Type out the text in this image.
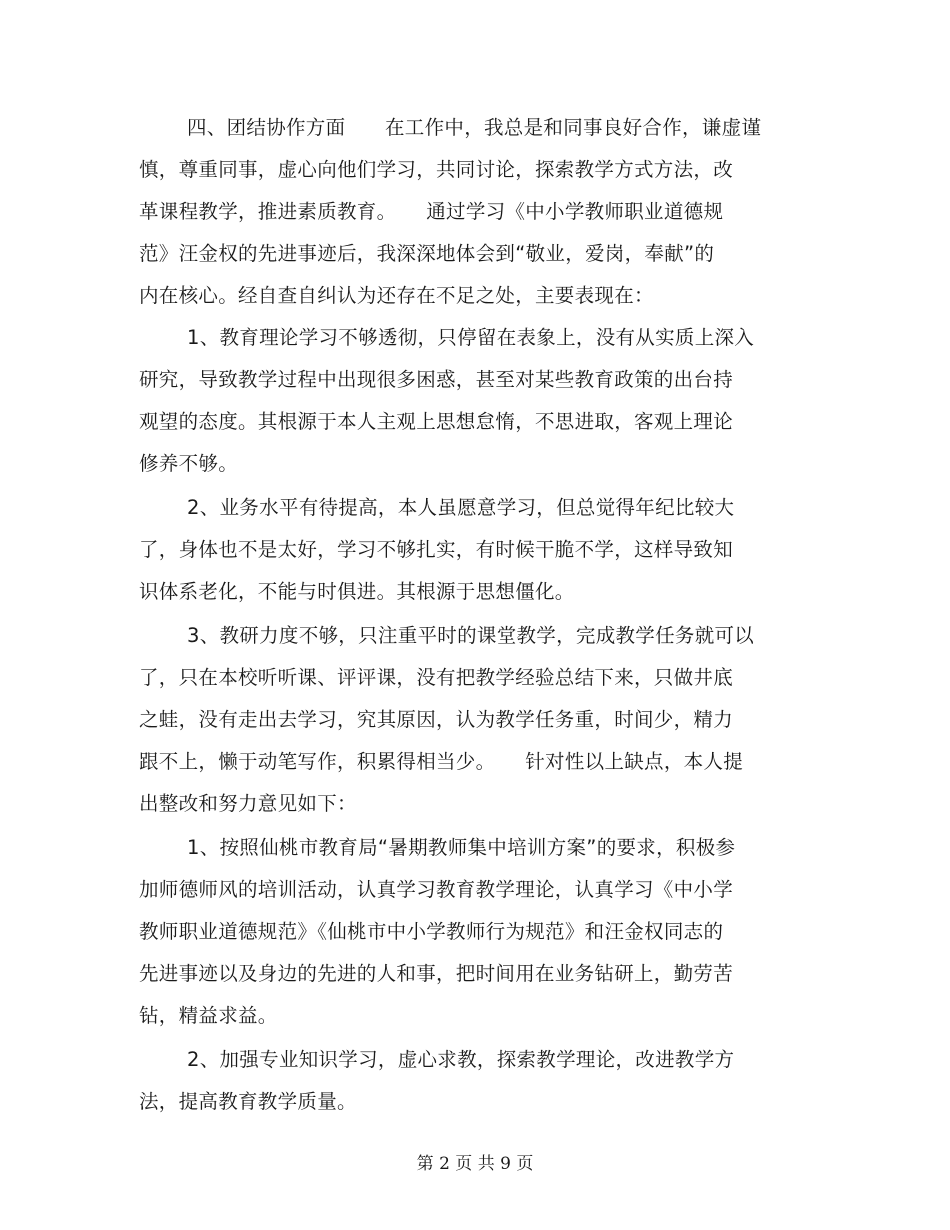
四、团结协作方面　　在工作中，我总是和同事良好合作，谦虚谨
慎，尊重同事，虚心向他们学习，共同讨论，探索教学方式方法，改
革课程教学，推进素质教育。　　通过学习《中小学教师职业道德规
范》汪金权的先进事迹后，我深深地体会到“敬业，爱岗，奉献”的
内在核心。经自查自纠认为还存在不足之处，主要表现在：
1、教育理论学习不够透彻，只停留在表象上，没有从实质上深入
研究，导致教学过程中出现很多困惑，甚至对某些教育政策的出台持
观望的态度。其根源于本人主观上思想怠惰，不思进取，客观上理论
修养不够。
2、业务水平有待提高，本人虽愿意学习，但总觉得年纪比较大
了，身体也不是太好，学习不够扎实，有时候干脆不学，这样导致知
识体系老化，不能与时俱进。其根源于思想僵化。
3、教研力度不够，只注重平时的课堂教学，完成教学任务就可以
了，只在本校听听课、评评课，没有把教学经验总结下来，只做井底
之蛙，没有走出去学习，究其原因，认为教学任务重，时间少，精力
跟不上，懒于动笔写作，积累得相当少。　　针对性以上缺点，本人提
出整改和努力意见如下：
1、按照仙桃市教育局“暑期教师集中培训方案”的要求，积极参
加师德师风的培训活动，认真学习教育教学理论，认真学习《中小学
教师职业道德规范》《仙桃市中小学教师行为规范》和汪金权同志的
先进事迹以及身边的先进的人和事，把时间用在业务钻研上，勤劳苦
钻，精益求益。
2、加强专业知识学习，虚心求教，探索教学理论，改进教学方
法，提高教育教学质量。
第 2 页 共 9 页
